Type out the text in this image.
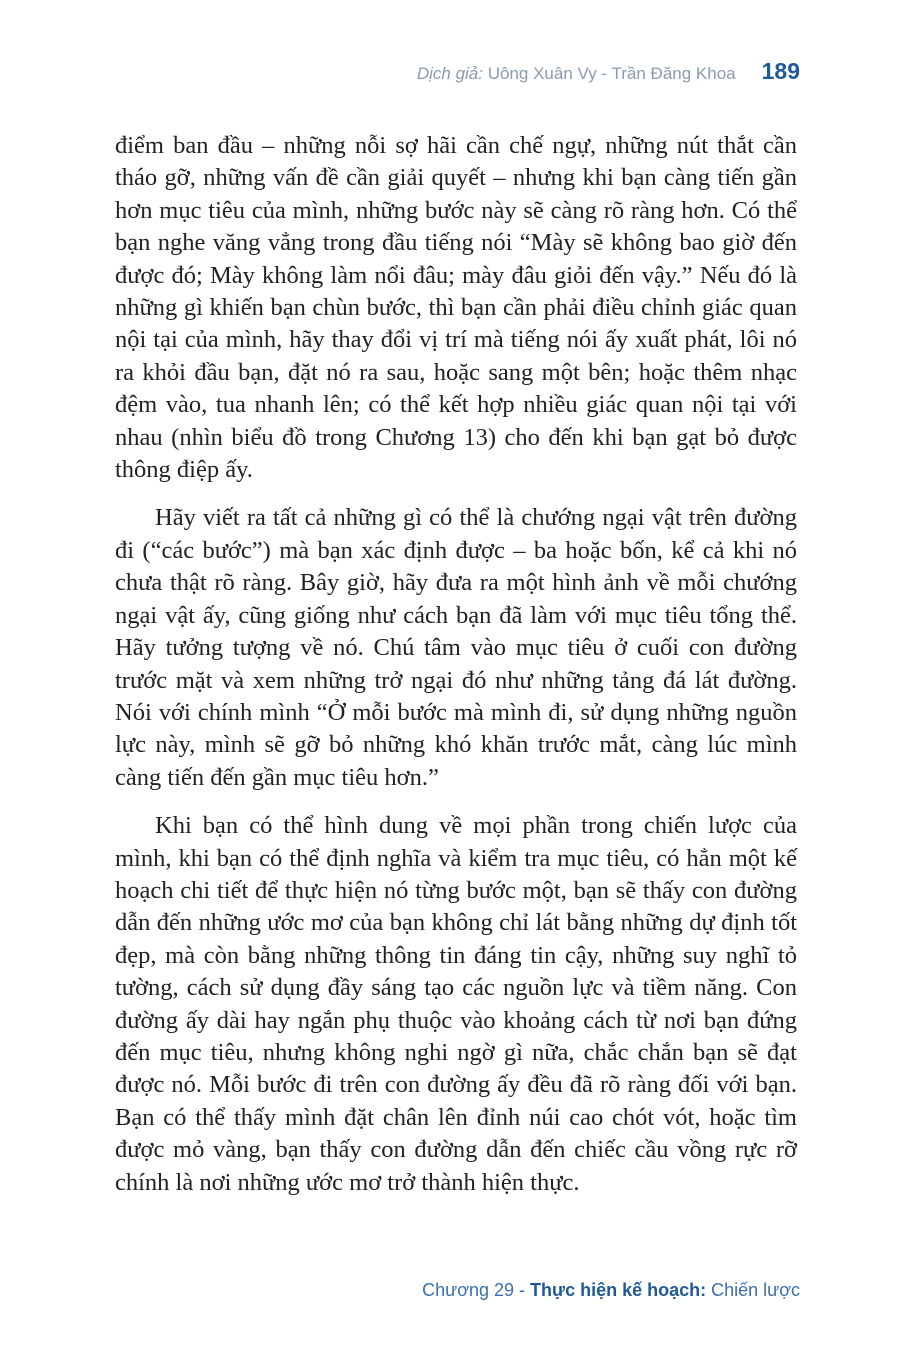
Dịch giả: Uông Xuân Vy - Trần Đăng Khoa 189

điểm ban đầu – những nỗi sợ hãi cần chế ngự, những nút thắt cần tháo gỡ, những vấn đề cần giải quyết – nhưng khi bạn càng tiến gần hơn mục tiêu của mình, những bước này sẽ càng rõ ràng hơn. Có thể bạn nghe văng vẳng trong đầu tiếng nói “Mày sẽ không bao giờ đến được đó; Mày không làm nổi đâu; mày đâu giỏi đến vậy.” Nếu đó là những gì khiến bạn chùn bước, thì bạn cần phải điều chỉnh giác quan nội tại của mình, hãy thay đổi vị trí mà tiếng nói ấy xuất phát, lôi nó ra khỏi đầu bạn, đặt nó ra sau, hoặc sang một bên; hoặc thêm nhạc đệm vào, tua nhanh lên; có thể kết hợp nhiều giác quan nội tại với nhau (nhìn biểu đồ trong Chương 13) cho đến khi bạn gạt bỏ được thông điệp ấy.

Hãy viết ra tất cả những gì có thể là chướng ngại vật trên đường đi (“các bước”) mà bạn xác định được – ba hoặc bốn, kể cả khi nó chưa thật rõ ràng. Bây giờ, hãy đưa ra một hình ảnh về mỗi chướng ngại vật ấy, cũng giống như cách bạn đã làm với mục tiêu tổng thể. Hãy tưởng tượng về nó. Chú tâm vào mục tiêu ở cuối con đường trước mặt và xem những trở ngại đó như những tảng đá lát đường. Nói với chính mình “Ở mỗi bước mà mình đi, sử dụng những nguồn lực này, mình sẽ gỡ bỏ những khó khăn trước mắt, càng lúc mình càng tiến đến gần mục tiêu hơn.”

Khi bạn có thể hình dung về mọi phần trong chiến lược của mình, khi bạn có thể định nghĩa và kiểm tra mục tiêu, có hẳn một kế hoạch chi tiết để thực hiện nó từng bước một, bạn sẽ thấy con đường dẫn đến những ước mơ của bạn không chỉ lát bằng những dự định tốt đẹp, mà còn bằng những thông tin đáng tin cậy, những suy nghĩ tỏ tường, cách sử dụng đầy sáng tạo các nguồn lực và tiềm năng. Con đường ấy dài hay ngắn phụ thuộc vào khoảng cách từ nơi bạn đứng đến mục tiêu, nhưng không nghi ngờ gì nữa, chắc chắn bạn sẽ đạt được nó. Mỗi bước đi trên con đường ấy đều đã rõ ràng đối với bạn. Bạn có thể thấy mình đặt chân lên đỉnh núi cao chót vót, hoặc tìm được mỏ vàng, bạn thấy con đường dẫn đến chiếc cầu vồng rực rỡ chính là nơi những ước mơ trở thành hiện thực.

Chương 29 - Thực hiện kế hoạch: Chiến lược
